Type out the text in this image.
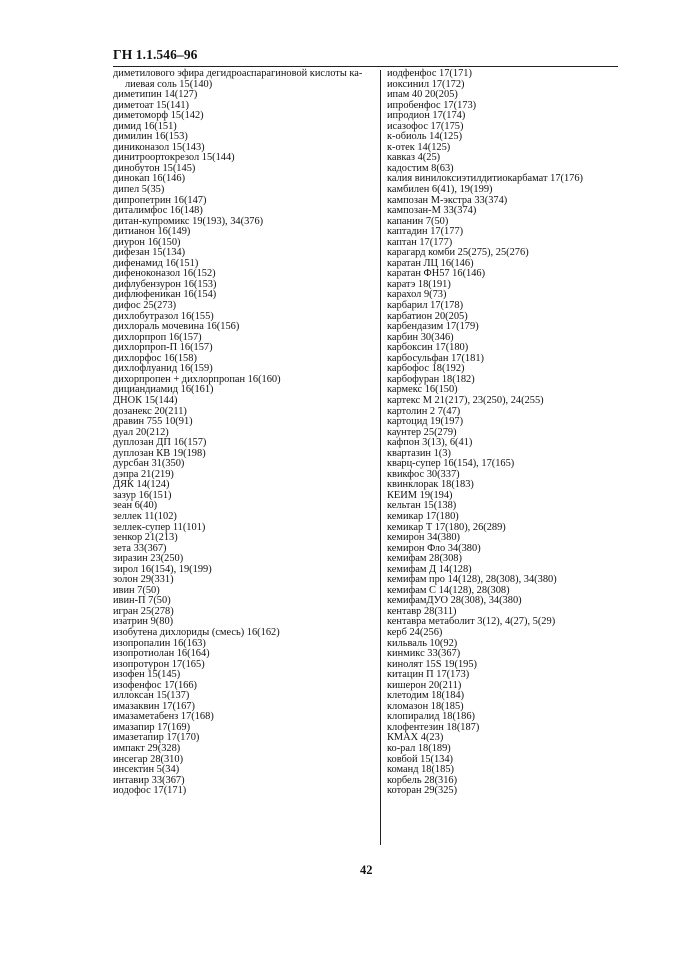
ГН 1.1.546–96
диметилового эфира дегидроаспарагиновой кислоты ка-
лиевая соль 15(140)
диметипин 14(127)
диметоат 15(141)
диметоморф 15(142)
димид 16(151)
димилин 16(153)
диниконазол 15(143)
динитроортокрезол 15(144)
динобутон 15(145)
динокап 16(146)
дипел 5(35)
дипропетрин 16(147)
диталимфос 16(148)
дитан-купромикс 19(193), 34(376)
дитианон 16(149)
диурон 16(150)
дифезан 15(134)
дифенамид 16(151)
дифеноконазол 16(152)
дифлубензурон 16(153)
дифлюфеникан 16(154)
дифос 25(273)
дихлобутразол 16(155)
дихлораль мочевина 16(156)
дихлорпроп 16(157)
дихлорпроп-П 16(157)
дихлорфос 16(158)
дихлофлуанид 16(159)
дихорпропен + дихлорпропан 16(160)
дициандиамид 16(161)
ДНОК 15(144)
дозанекс 20(211)
дравин 755 10(91)
дуал 20(212)
дуплозан ДП 16(157)
дуплозан КВ 19(198)
дурсбан 31(350)
дэпра 21(219)
ДЯК 14(124)
зазур 16(151)
зеан 6(40)
зеллек 11(102)
зеллек-супер 11(101)
зенкор 21(213)
зета 33(367)
зиразин 23(250)
зирол 16(154), 19(199)
золон 29(331)
ивин 7(50)
ивин-П 7(50)
игран 25(278)
изатрин 9(80)
изобутена дихлориды (смесь) 16(162)
изопропалин 16(163)
изопротиолан 16(164)
изопротурон 17(165)
изофен 15(145)
изофенфос 17(166)
иллоксан 15(137)
имазаквин 17(167)
имазаметабенз 17(168)
имазапир 17(169)
имазетапир 17(170)
импакт 29(328)
инсегар 28(310)
инсектин 5(34)
интавир 33(367)
иодофос 17(171)
иодфенфос 17(171)
иоксинил 17(172)
ипам 40 20(205)
ипробенфос 17(173)
ипродион 17(174)
исазофос 17(175)
к-обиоль 14(125)
к-отек 14(125)
кавказ 4(25)
кадостим 8(63)
калия винилоксиэтилдитиокарбамат 17(176)
камбилен 6(41), 19(199)
кампозан М-экстра 33(374)
кампозан-М 33(374)
капанин 7(50)
каптадин 17(177)
каптан 17(177)
карагард комби 25(275), 25(276)
каратан ЛЦ 16(146)
каратан ФН57 16(146)
каратэ 18(191)
карахол 9(73)
карбарил 17(178)
карбатион 20(205)
карбендазим 17(179)
карбин 30(346)
карбоксин 17(180)
карбосульфан 17(181)
карбофос 18(192)
карбофуран 18(182)
кармекс 16(150)
картекс М 21(217), 23(250), 24(255)
картолин 2 7(47)
картоцид 19(197)
каунтер 25(279)
кафпон 3(13), 6(41)
квартазин 1(3)
кварц-супер 16(154), 17(165)
квикфос 30(337)
квинклорак 18(183)
КЕИМ 19(194)
кельтан 15(138)
кемикар 17(180)
кемикар Т 17(180), 26(289)
кемирон 34(380)
кемирон Фло 34(380)
кемифам 28(308)
кемифам Д 14(128)
кемифам про 14(128), 28(308), 34(380)
кемифам С 14(128), 28(308)
кемифамДУО 28(308), 34(380)
кентавр 28(311)
кентавра метаболит 3(12), 4(27), 5(29)
керб 24(256)
кильваль 10(92)
кинмикс 33(367)
кинолят 15S 19(195)
китацин П 17(173)
кишерон 20(211)
клетодим 18(184)
кломазон 18(185)
клопиралид 18(186)
клофентезин 18(187)
КМАХ 4(23)
ко-рал 18(189)
ковбой 15(134)
команд 18(185)
корбель 28(316)
которан 29(325)
42
